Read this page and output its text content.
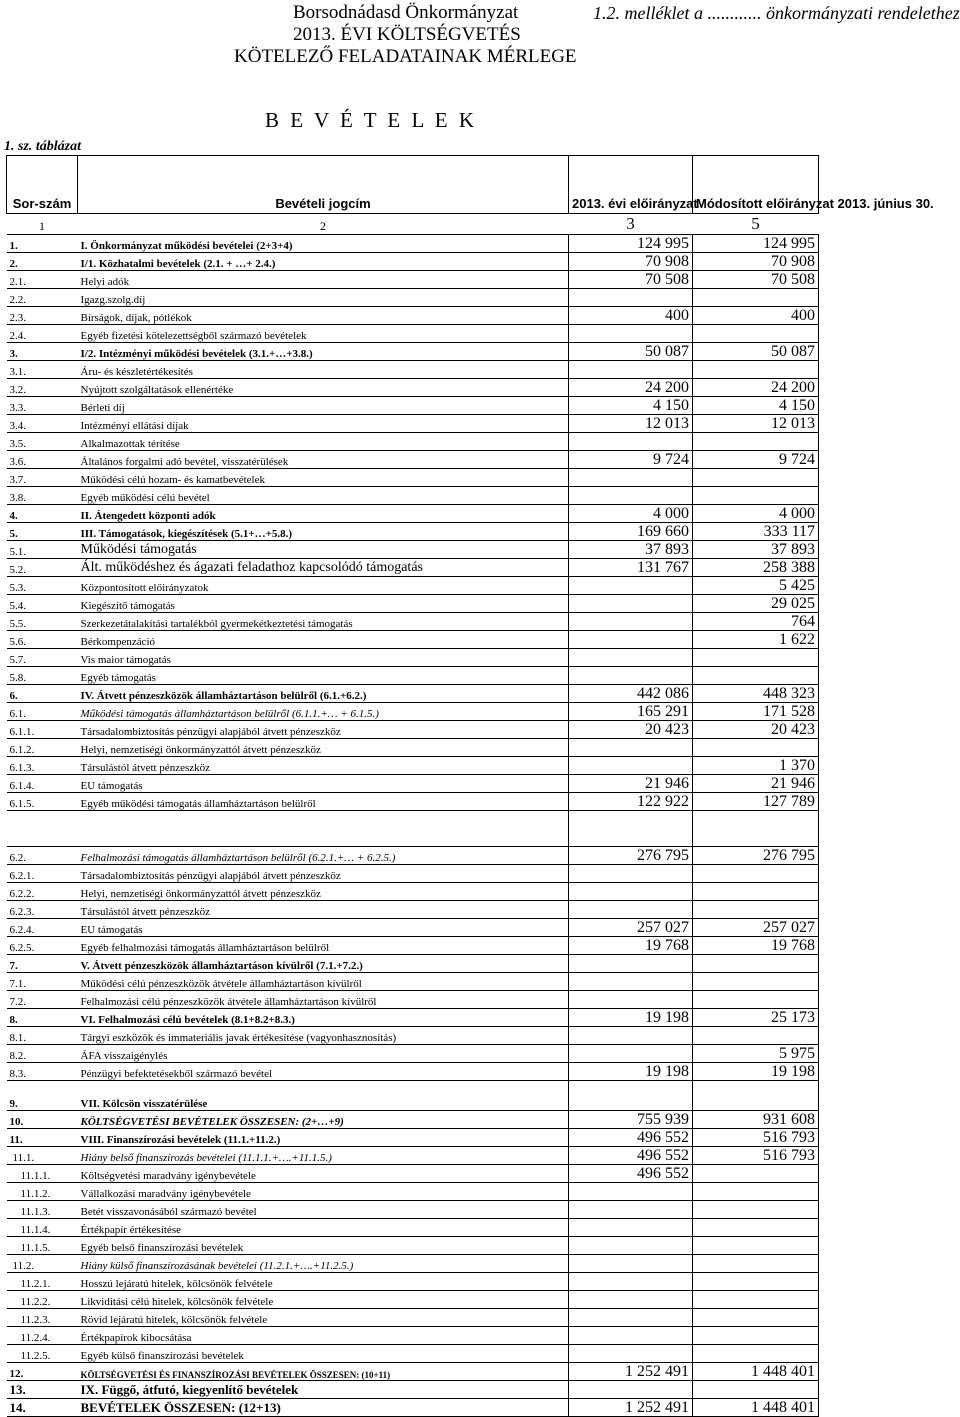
Borsodnádasd Önkormányzat
2013. ÉVI KÖLTSÉGVETÉS
KÖTELEZŐ FELADATAINAK MÉRLEGE
1.2. melléklet a ............ önkormányzati rendelethez
1. sz. táblázat
B E V É T E L E K
Sor-szám	Bevételi jogcím	2013. évi előirányzat	Módosított előirányzat 2013. június 30.
1	2	3	5
1.	I. Önkormányzat működési bevételei (2+3+4)	124 995	124 995
2.	I/1. Közhatalmi bevételek (2.1. + …+ 2.4.)	70 908	70 908
2.1.	Helyi adók	70 508	70 508
2.2.	Igazg.szolg.díj		
2.3.	Bírságok, díjak, pótlékok	400	400
2.4.	Egyéb fizetési kötelezettségből származó bevételek		
3.	I/2. Intézményi működési bevételek (3.1.+…+3.8.)	50 087	50 087
3.1.	Áru- és készletértékesítés		
3.2.	Nyújtott szolgáltatások ellenértéke	24 200	24 200
3.3.	Bérleti díj	4 150	4 150
3.4.	Intézményi ellátási díjak	12 013	12 013
3.5.	Alkalmazottak térítése		
3.6.	Általános forgalmi adó bevétel, visszatérülések	9 724	9 724
3.7.	Működési célú hozam- és kamatbevételek		
3.8.	Egyéb működési célú bevétel		
4.	II. Átengedett központi adók	4 000	4 000
5.	III. Támogatások, kiegészítések (5.1+…+5.8.)	169 660	333 117
5.1.	Működési támogatás	37 893	37 893
5.2.	Ált. működéshez és ágazati feladathoz kapcsolódó támogatás	131 767	258 388
5.3.	Központosított előirányzatok		5 425
5.4.	Kiegészítő támogatás		29 025
5.5.	Szerkezetátalakítási tartalékból gyermekétkeztetési támogatás		764
5.6.	Bérkompenzáció		1 622
5.7.	Vis maior támogatás		
5.8.	Egyéb támogatás		
6.	IV. Átvett pénzeszközök államháztartáson belülről (6.1.+6.2.)	442 086	448 323
6.1.	Működési támogatás államháztartáson belülről (6.1.1.+… + 6.1.5.)	165 291	171 528
6.1.1.	Társadalombiztosítás pénzügyi alapjából átvett pénzeszköz	20 423	20 423
6.1.2.	Helyi, nemzetiségi önkormányzattól átvett pénzeszköz		
6.1.3.	Társulástól átvett pénzeszköz		1 370
6.1.4.	EU támogatás	21 946	21 946
6.1.5.	Egyéb működési támogatás államháztartáson belülről	122 922	127 789

6.2.	Felhalmozási támogatás államháztartáson belülről (6.2.1.+… + 6.2.5.)	276 795	276 795
6.2.1.	Társadalombiztosítás pénzügyi alapjából átvett pénzeszköz		
6.2.2.	Helyi, nemzetiségi önkormányzattól átvett pénzeszköz		
6.2.3.	Társulástól átvett pénzeszköz		
6.2.4.	EU támogatás	257 027	257 027
6.2.5.	Egyéb felhalmozási támogatás államháztartáson belülről	19 768	19 768
7.	V. Átvett pénzeszközök államháztartáson kívülről (7.1.+7.2.)		
7.1.	Működési célú pénzeszközök átvétele államháztartáson kívülről		
7.2.	Felhalmozási célú pénzeszközök átvétele államháztartáson kívülről		
8.	VI. Felhalmozási célú bevételek (8.1+8.2+8.3.)	19 198	25 173
8.1.	Tárgyi eszközök és immateriális javak értékesítése (vagyonhasznosítás)		
8.2.	ÁFA visszaigénylés		5 975
8.3.	Pénzügyi befektetésekből származó bevétel	19 198	19 198
9.	VII. Kölcsön visszatérülése		
10.	KÖLTSÉGVETÉSI BEVÉTELEK ÖSSZESEN: (2+…+9)	755 939	931 608
11.	VIII. Finanszírozási bevételek (11.1.+11.2.)	496 552	516 793
11.1.	Hiány belső finanszírozás bevételei (11.1.1.+….+11.1.5.)	496 552	516 793
11.1.1.	Költségvetési maradvány igénybevétele	496 552	
11.1.2.	Vállalkozási maradvány igénybevétele		
11.1.3.	Betét visszavonásából származó bevétel		
11.1.4.	Értékpapír értékesítése		
11.1.5.	Egyéb belső finanszírozási bevételek		
11.2.	Hiány külső finanszírozásának bevételei (11.2.1.+….+11.2.5.)		
11.2.1.	Hosszú lejáratú hitelek, kölcsönök felvétele		
11.2.2.	Likviditási célú hitelek, kölcsönök felvétele		
11.2.3.	Rövid lejáratú hitelek, kölcsönök felvétele		
11.2.4.	Értékpapírok kibocsátása		
11.2.5.	Egyéb külső finanszírozási bevételek		
12.	KÖLTSÉGVETÉSI ÉS FINANSZÍROZÁSI BEVÉTELEK ÖSSZESEN: (10+11)	1 252 491	1 448 401
13.	IX. Függő, átfutó, kiegyenlítő bevételek		
14.	BEVÉTELEK ÖSSZESEN: (12+13)	1 252 491	1 448 401
